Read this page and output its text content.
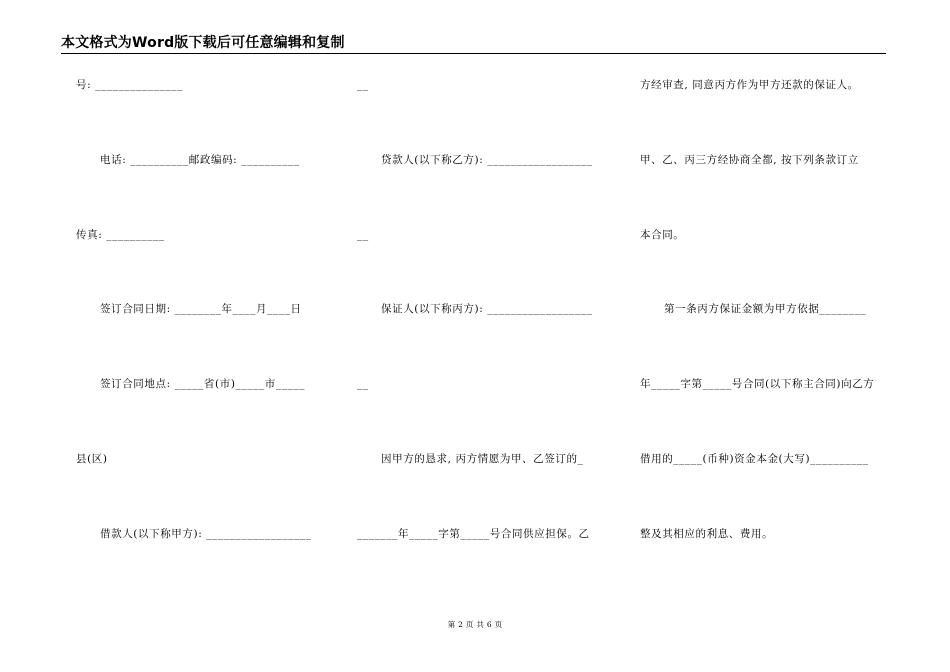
本文格式为Word版下载后可任意编辑和复制
号: _______________
电话: __________邮政编码: __________
传真: __________
签订合同日期: ________年____月____日
签订合同地点: _____省(市)_____市_____
县(区)
借款人(以下称甲方): __________________
__
贷款人(以下称乙方): __________________
__
保证人(以下称丙方): __________________
__
因甲方的恳求, 丙方情愿为甲、乙签订的_
_______年_____字第_____号合同供应担保。乙
方经审查, 同意丙方作为甲方还款的保证人。
甲、乙、丙三方经协商全都, 按下列条款订立
本合同。
第一条丙方保证金额为甲方依据________
年_____字第_____号合同(以下称主合同)向乙方
借用的_____(币种)资金本金(大写)__________
整及其相应的利息、费用。
第 2 页 共 6 页
